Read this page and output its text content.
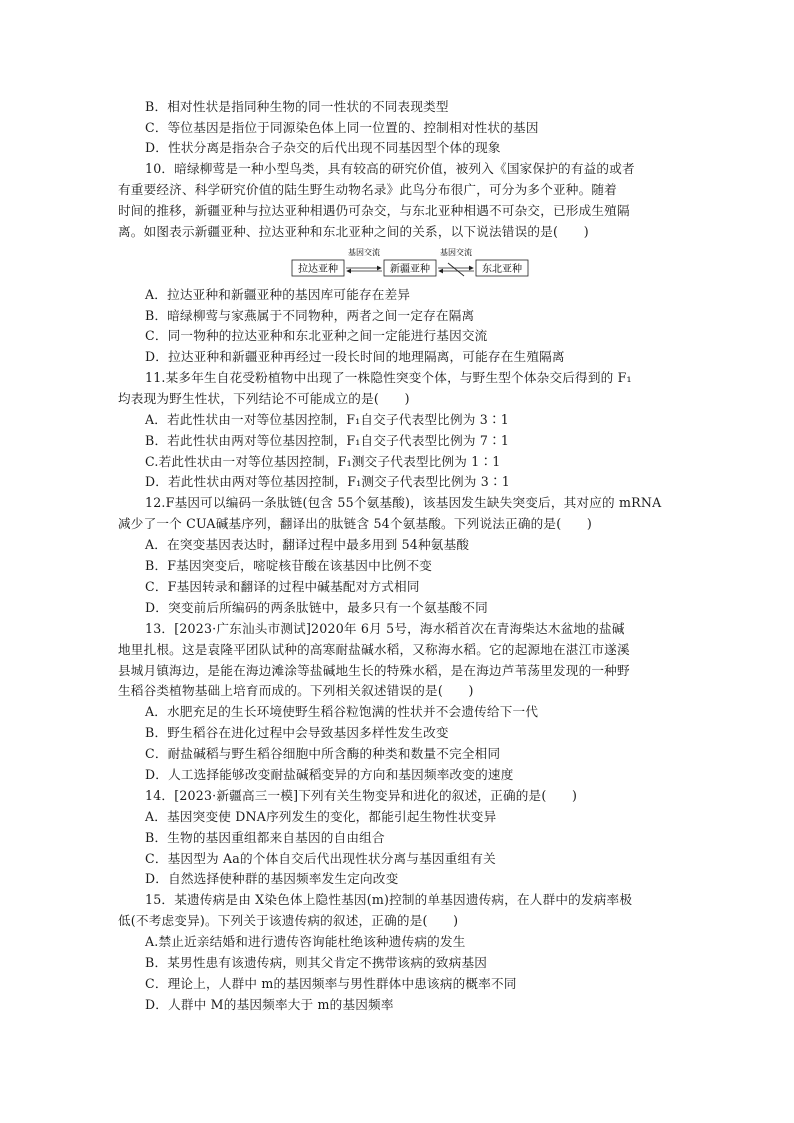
B．相对性状是指同种生物的同一性状的不同表现类型
C．等位基因是指位于同源染色体上同一位置的、控制相对性状的基因
D．性状分离是指杂合子杂交的后代出现不同基因型个体的现象
10．暗绿柳莺是一种小型鸟类，具有较高的研究价值，被列入《国家保护的有益的或者
有重要经济、科学研究价值的陆生野生动物名录》此鸟分布很广，可分为多个亚种。随着
时间的推移，新疆亚种与拉达亚种相遇仍可杂交，与东北亚种相遇不可杂交，已形成生殖隔
离。如图表示新疆亚种、拉达亚种和东北亚种之间的关系，以下说法错误的是(　　)
拉达亚种	新疆亚种	东北亚种
基因交流	基因交流
A．拉达亚种和新疆亚种的基因库可能存在差异
B．暗绿柳莺与家燕属于不同物种，两者之间一定存在隔离
C．同一物种的拉达亚种和东北亚种之间一定能进行基因交流
D．拉达亚种和新疆亚种再经过一段长时间的地理隔离，可能存在生殖隔离
11.某多年生自花受粉植物中出现了一株隐性突变个体，与野生型个体杂交后得到的 F₁
均表现为野生性状，下列结论不可能成立的是(　　)
A．若此性状由一对等位基因控制，F₁自交子代表型比例为 3∶1
B．若此性状由两对等位基因控制，F₁自交子代表型比例为 7∶1
C.若此性状由一对等位基因控制，F₁测交子代表型比例为 1∶1
D．若此性状由两对等位基因控制，F₁测交子代表型比例为 3∶1
12.F基因可以编码一条肽链(包含 55个氨基酸)，该基因发生缺失突变后，其对应的 mRNA
减少了一个 CUA碱基序列，翻译出的肽链含 54个氨基酸。下列说法正确的是(　　)
A．在突变基因表达时，翻译过程中最多用到 54种氨基酸
B．F基因突变后，嘧啶核苷酸在该基因中比例不变
C．F基因转录和翻译的过程中碱基配对方式相同
D．突变前后所编码的两条肽链中，最多只有一个氨基酸不同
13．[2023·广东汕头市测试]2020年 6月 5号，海水稻首次在青海柴达木盆地的盐碱
地里扎根。这是袁隆平团队试种的高寒耐盐碱水稻，又称海水稻。它的起源地在湛江市遂溪
县城月镇海边，是能在海边滩涂等盐碱地生长的特殊水稻，是在海边芦苇荡里发现的一种野
生稻谷类植物基础上培育而成的。下列相关叙述错误的是(　　)
A．水肥充足的生长环境使野生稻谷粒饱满的性状并不会遗传给下一代
B．野生稻谷在进化过程中会导致基因多样性发生改变
C．耐盐碱稻与野生稻谷细胞中所含酶的种类和数量不完全相同
D．人工选择能够改变耐盐碱稻变异的方向和基因频率改变的速度
14．[2023·新疆高三一模]下列有关生物变异和进化的叙述，正确的是(　　)
A．基因突变使 DNA序列发生的变化，都能引起生物性状变异
B．生物的基因重组都来自基因的自由组合
C．基因型为 Aa的个体自交后代出现性状分离与基因重组有关
D．自然选择使种群的基因频率发生定向改变
15．某遗传病是由 X染色体上隐性基因(m)控制的单基因遗传病，在人群中的发病率极
低(不考虑变异)。下列关于该遗传病的叙述，正确的是(　　)
A.禁止近亲结婚和进行遗传咨询能杜绝该种遗传病的发生
B．某男性患有该遗传病，则其父肯定不携带该病的致病基因
C．理论上，人群中 m的基因频率与男性群体中患该病的概率不同
D．人群中 M的基因频率大于 m的基因频率
